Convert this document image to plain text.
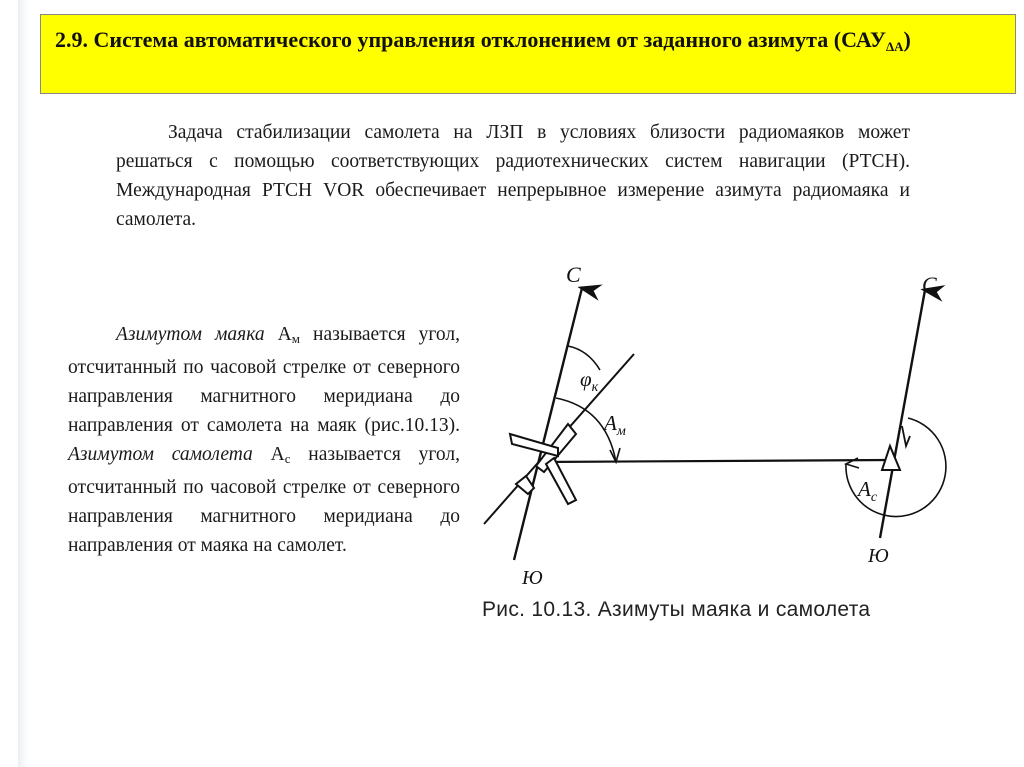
2.9. Система автоматического управления отклонением от заданного азимута $(САУ_{\Delta А})$

Задача стабилизации самолета на ЛЗП в условиях близости радиомаяков может решаться с помощью соответствующих радиотехнических систем навигации (РТСН). Международная РТСН VOR обеспечивает непрерывное измерение азимута радиомаяка и самолета.

Азимутом маяка $А_м$ называется угол, отсчитанный по часовой стрелке от северного направления магнитного меридиана до направления от самолета на маяк (рис.10.13). Азимутом самолета $А_с$ называется угол, отсчитанный по часовой стрелке от северного направления магнитного меридиана до направления от маяка на самолет.

С
Ю
$\varphi_к$
$А_м$
С
Ю
$А_с$

Рис. 10.13. Азимуты маяка и самолета
